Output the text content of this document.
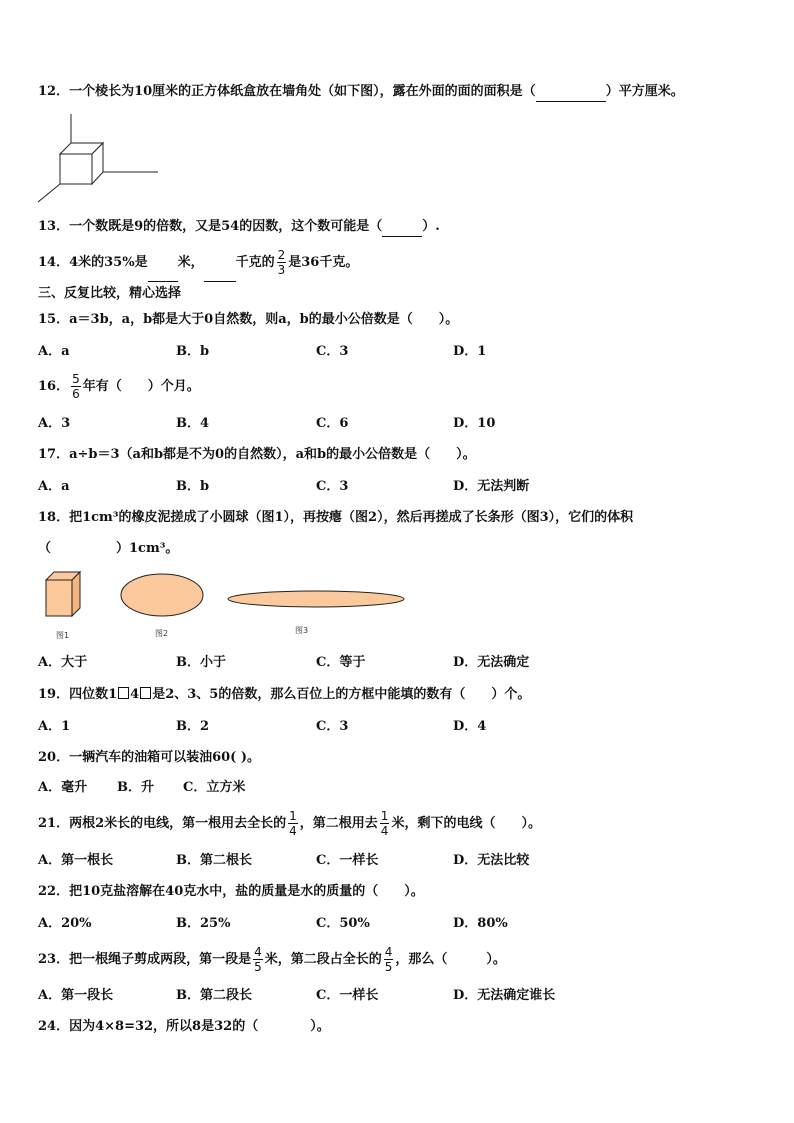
12．一个棱长为10厘米的正方体纸盒放在墙角处（如下图），露在外面的面的面积是（	）平方厘米。
13．一个数既是9的倍数，又是54的因数，这个数可能是（	）.
14．4米的35%是 米， 千克的 $\frac{2}{3}$ 是36千克。
三、反复比较，精心选择
15．a＝3b，a，b都是大于0自然数，则a，b的最小公倍数是（　　）。
A．a	B．b	C．3	D．1
16． $\frac{5}{6}$ 年有（　　）个月。
A．3	B．4	C．6	D．10
17．a÷b＝3（a和b都是不为0的自然数），a和b的最小公倍数是（　　）。
A．a	B．b	C．3	D．无法判断
18．把1cm³的橡皮泥搓成了小圆球（图1），再按瘪（图2），然后再搓成了长条形（图3），它们的体积
（　　　　　）1cm³。
图1	图2	图3
A．大于	B．小于	C．等于	D．无法确定
19．四位数1 4 是2、3、5的倍数，那么百位上的方框中能填的数有（　　）个。
A．1	B．2	C．3	D．4
20．一辆汽车的油箱可以装油60( )。
A．毫升 B．升 C．立方米
21．两根2米长的电线，第一根用去全长的 $\frac{1}{4}$ ，第二根用去 $\frac{1}{4}$ 米，剩下的电线（　　）。
A．第一根长	B．第二根长	C．一样长	D．无法比较
22．把10克盐溶解在40克水中，盐的质量是水的质量的（　　）。
A．20%	B．25%	C．50%	D．80%
23．把一根绳子剪成两段，第一段是 $\frac{4}{5}$ 米，第二段占全长的 $\frac{4}{5}$ ，那么（　　　）。
A．第一段长	B．第二段长	C．一样长	D．无法确定谁长
24．因为4×8=32，所以8是32的（　　　　）。
